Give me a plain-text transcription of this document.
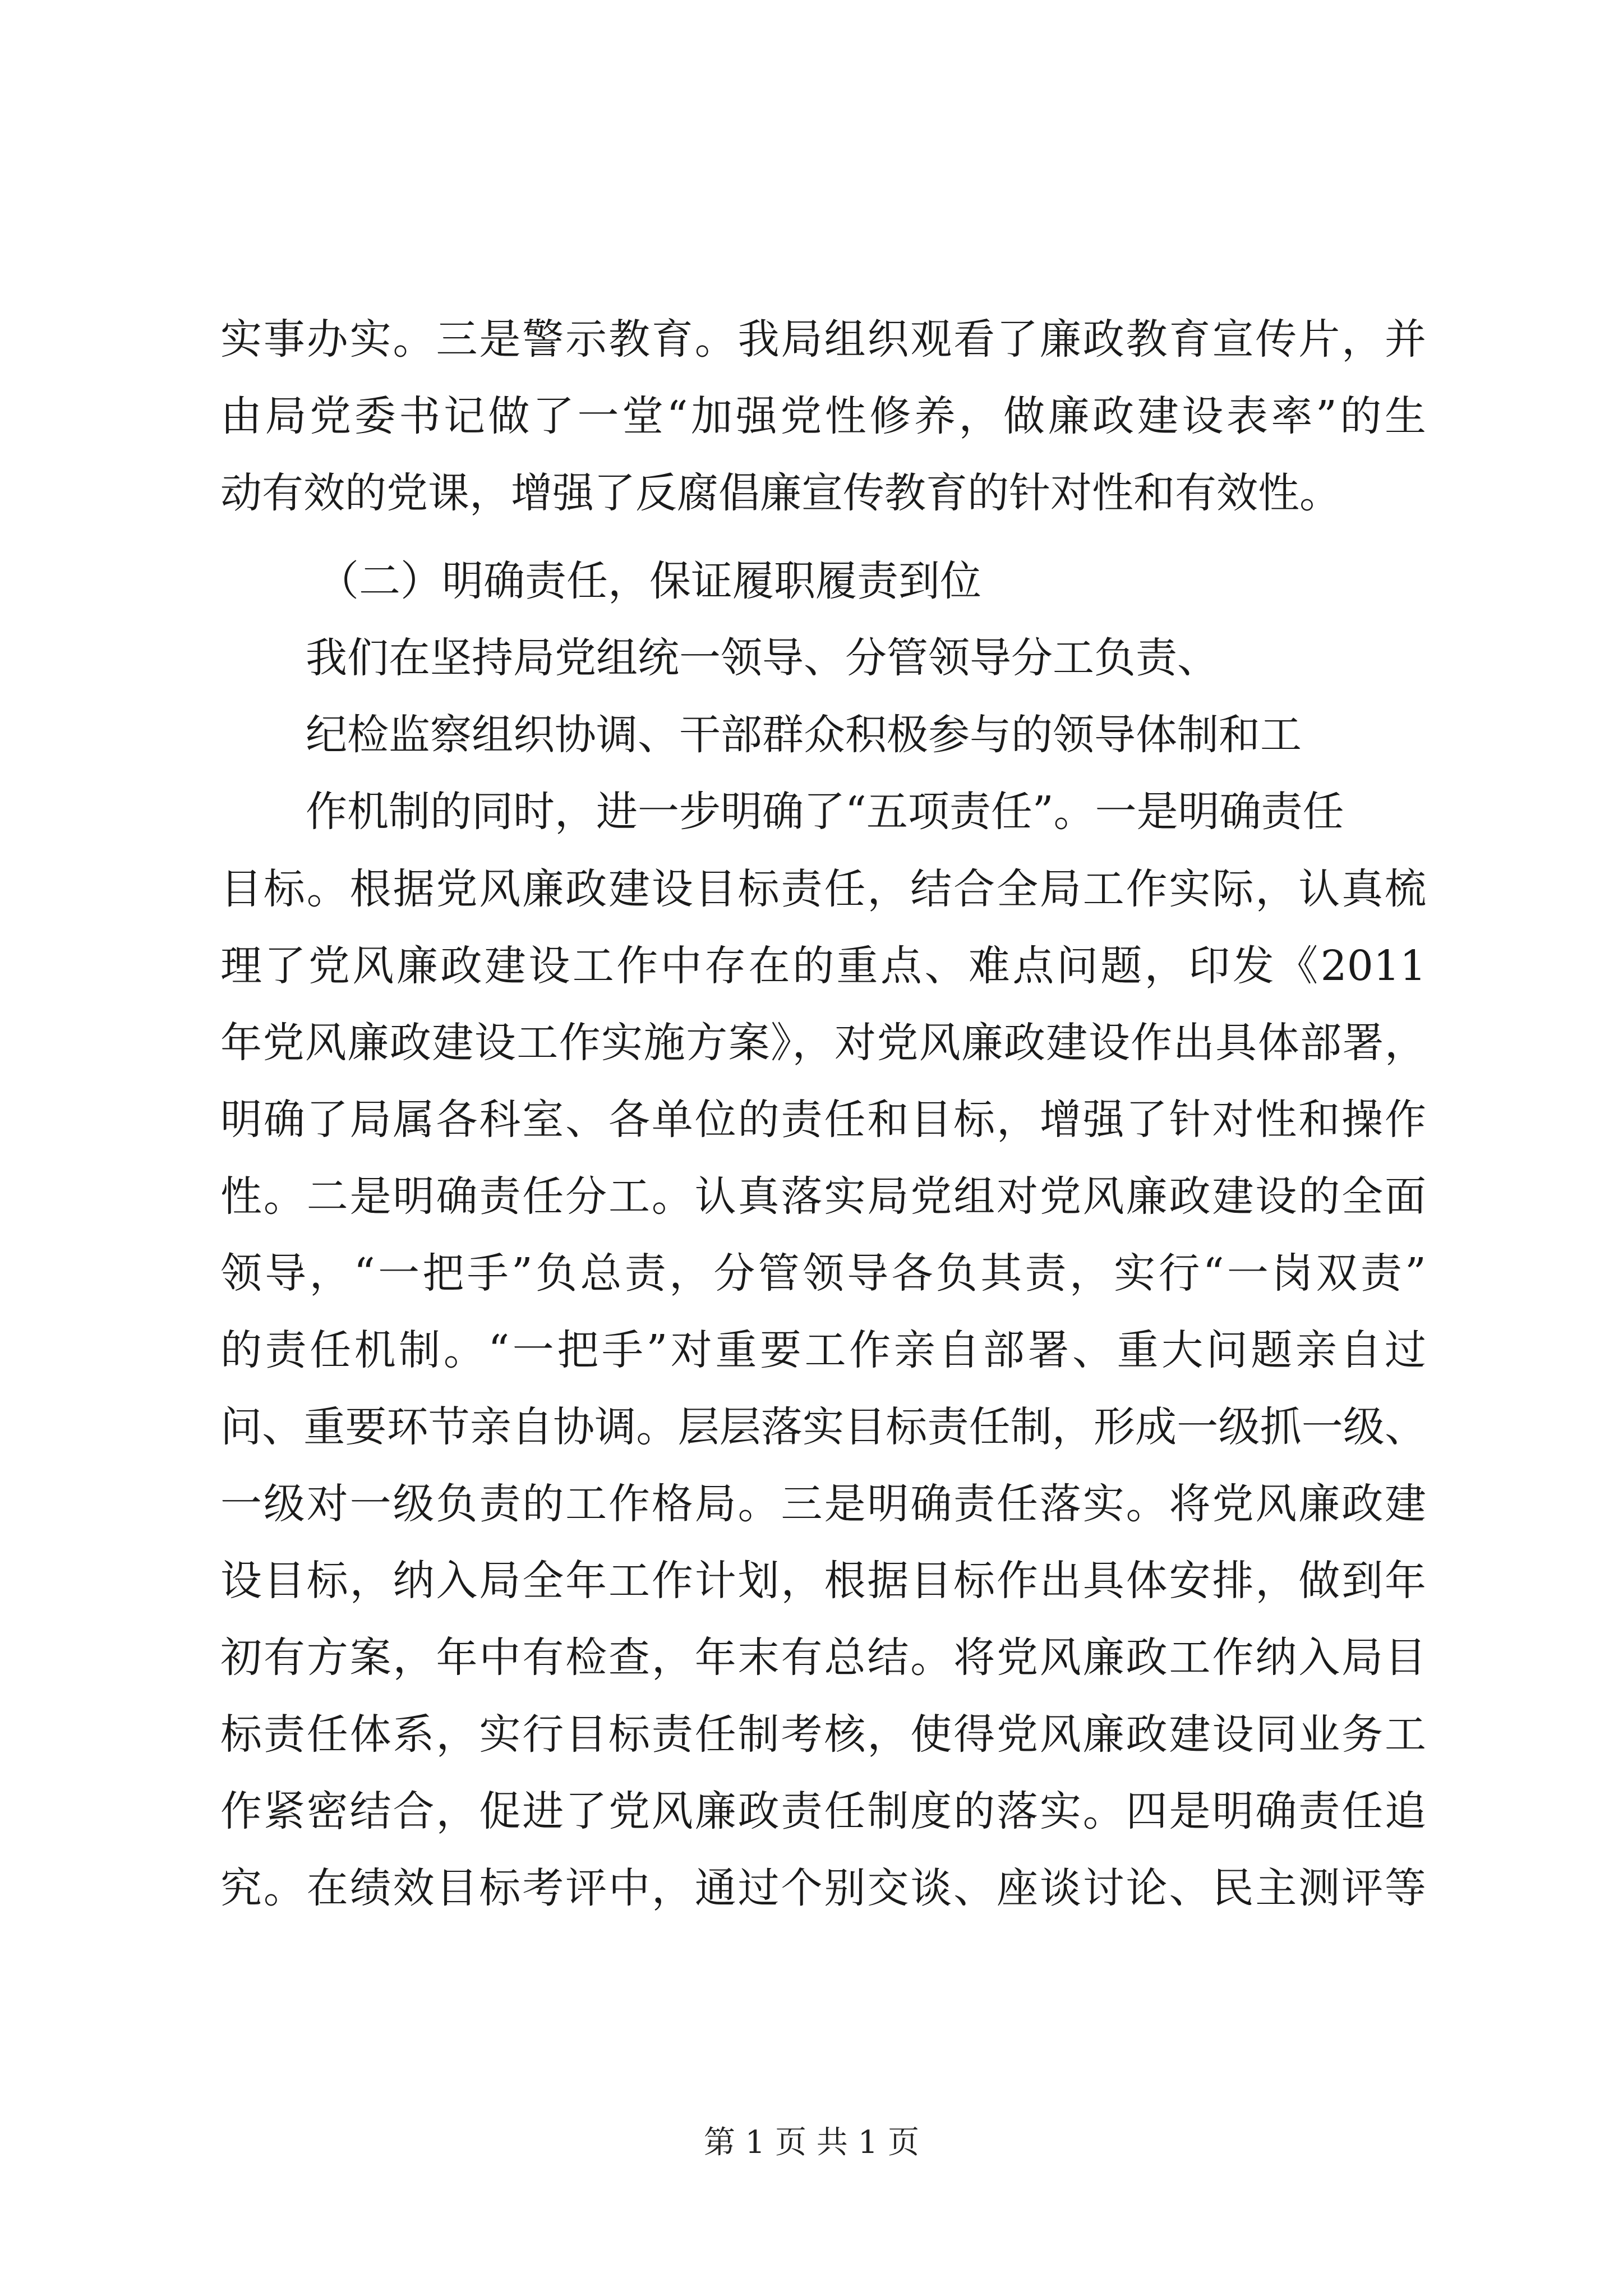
实事办实。三是警示教育。我局组织观看了廉政教育宣传片，并
由局党委书记做了一堂“加强党性修养，做廉政建设表率”的生
动有效的党课，增强了反腐倡廉宣传教育的针对性和有效性。
（二）明确责任，保证履职履责到位
我们在坚持局党组统一领导、分管领导分工负责、
纪检监察组织协调、干部群众积极参与的领导体制和工
作机制的同时，进一步明确了“五项责任”。一是明确责任
目标。根据党风廉政建设目标责任，结合全局工作实际，认真梳
理了党风廉政建设工作中存在的重点、难点问题，印发《2011
年党风廉政建设工作实施方案》，对党风廉政建设作出具体部署，
明确了局属各科室、各单位的责任和目标，增强了针对性和操作
性。二是明确责任分工。认真落实局党组对党风廉政建设的全面
领导，“一把手”负总责，分管领导各负其责，实行“一岗双责”
的责任机制。“一把手”对重要工作亲自部署、重大问题亲自过
问、重要环节亲自协调。层层落实目标责任制，形成一级抓一级、
一级对一级负责的工作格局。三是明确责任落实。将党风廉政建
设目标，纳入局全年工作计划，根据目标作出具体安排，做到年
初有方案，年中有检查，年末有总结。将党风廉政工作纳入局目
标责任体系，实行目标责任制考核，使得党风廉政建设同业务工
作紧密结合，促进了党风廉政责任制度的落实。四是明确责任追
究。在绩效目标考评中，通过个别交谈、座谈讨论、民主测评等
第 1 页 共 1 页
